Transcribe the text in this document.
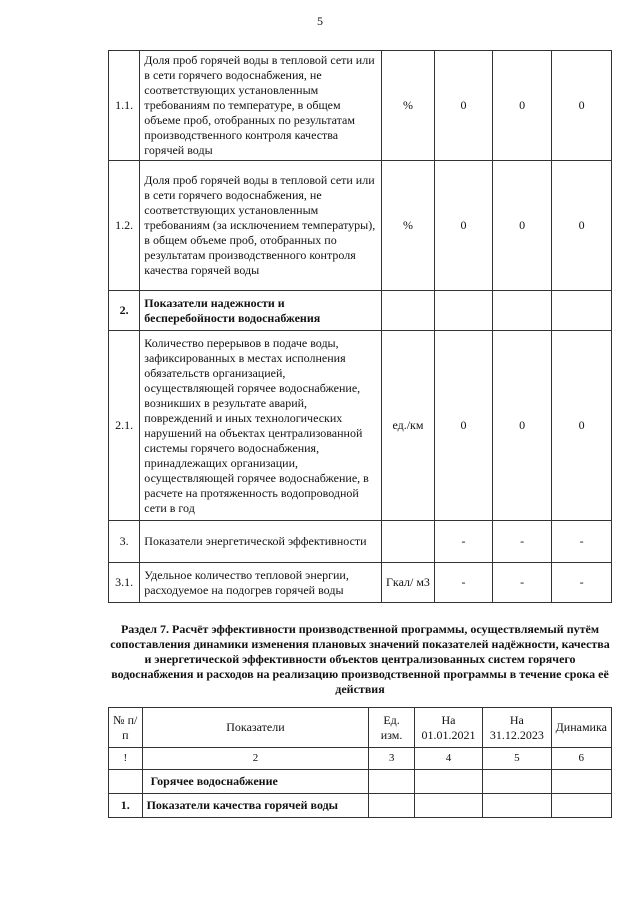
5
1.1.	Доля проб горячей воды в тепловой сети или в сети горячего водоснабжения, не соответствующих установленным требованиям по температуре, в общем объеме проб, отобранных по результатам производственного контроля качества горячей воды	%	0	0	0
1.2.	Доля проб горячей воды в тепловой сети или в сети горячего водоснабжения, не соответствующих установленным требованиям (за исключением температуры), в общем объеме проб, отобранных по результатам производственного контроля качества горячей воды	%	0	0	0
2.	Показатели надежности и бесперебойности водоснабжения				
2.1.	Количество перерывов в подаче воды, зафиксированных в местах исполнения обязательств организацией, осуществляющей горячее водоснабжение, возникших в результате аварий, повреждений и иных технологических нарушений на объектах централизованной системы горячего водоснабжения, принадлежащих организации, осуществляющей горячее водоснабжение, в расчете на протяженность водопроводной сети в год	ед./км	0	0	0
3.	Показатели энергетической эффективности		-	-	-
3.1.	Удельное количество тепловой энергии, расходуемое на подогрев горячей воды	Гкал/ м3	-	-	-
Раздел 7. Расчёт эффективности производственной программы, осуществляемый путём сопоставления динамики изменения плановых значений показателей надёжности, качества и энергетической эффективности объектов централизованных систем горячего водоснабжения и расходов на реализацию производственной программы в течение срока её действия
№ п/п	Показатели	Ед. изм.	На 01.01.2021	На 31.12.2023	Динамика
!	2	3	4	5	6
	Горячее водоснабжение				
1.	Показатели качества горячей воды				
